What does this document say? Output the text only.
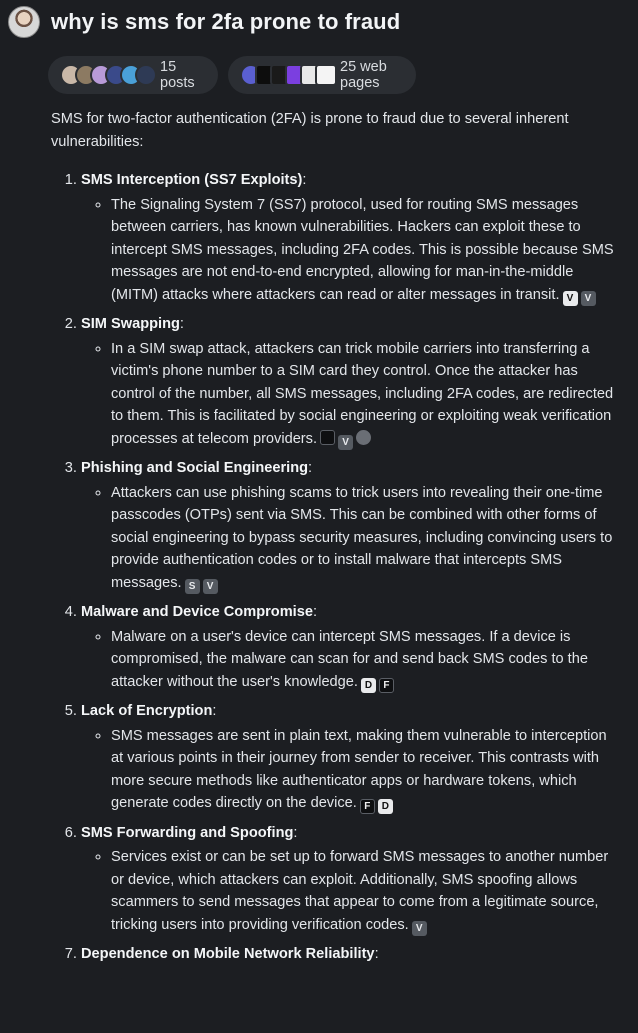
why is sms for 2fa prone to fraud
15 posts
25 web pages

SMS for two-factor authentication (2FA) is prone to fraud due to several inherent vulnerabilities:

1. SMS Interception (SS7 Exploits):

◦ The Signaling System 7 (SS7) protocol, used for routing SMS messages between carriers, has known vulnerabilities. Hackers can exploit these to intercept SMS messages, including 2FA codes. This is possible because SMS messages are not end-to-end encrypted, allowing for man-in-the-middle (MITM) attacks where attackers can read or alter messages in transit. V V

2. SIM Swapping:

◦ In a SIM swap attack, attackers can trick mobile carriers into transferring a victim's phone number to a SIM card they control. Once the attacker has control of the number, all SMS messages, including 2FA codes, are redirected to them. This is facilitated by social engineering or exploiting weak verification processes at telecom providers.	V

3. Phishing and Social Engineering:

◦ Attackers can use phishing scams to trick users into revealing their one-time passcodes (OTPs) sent via SMS. This can be combined with other forms of social engineering to bypass security measures, including convincing users to provide authentication codes or to install malware that intercepts SMS messages. S V

4. Malware and Device Compromise:

◦ Malware on a user's device can intercept SMS messages. If a device is compromised, the malware can scan for and send back SMS codes to the attacker without the user's knowledge. D F

5. Lack of Encryption:

◦ SMS messages are sent in plain text, making them vulnerable to interception at various points in their journey from sender to receiver. This contrasts with more secure methods like authenticator apps or hardware tokens, which generate codes directly on the device. F D

6. SMS Forwarding and Spoofing:

◦ Services exist or can be set up to forward SMS messages to another number or device, which attackers can exploit. Additionally, SMS spoofing allows scammers to send messages that appear to come from a legitimate source, tricking users into providing verification codes. V

7. Dependence on Mobile Network Reliability:
